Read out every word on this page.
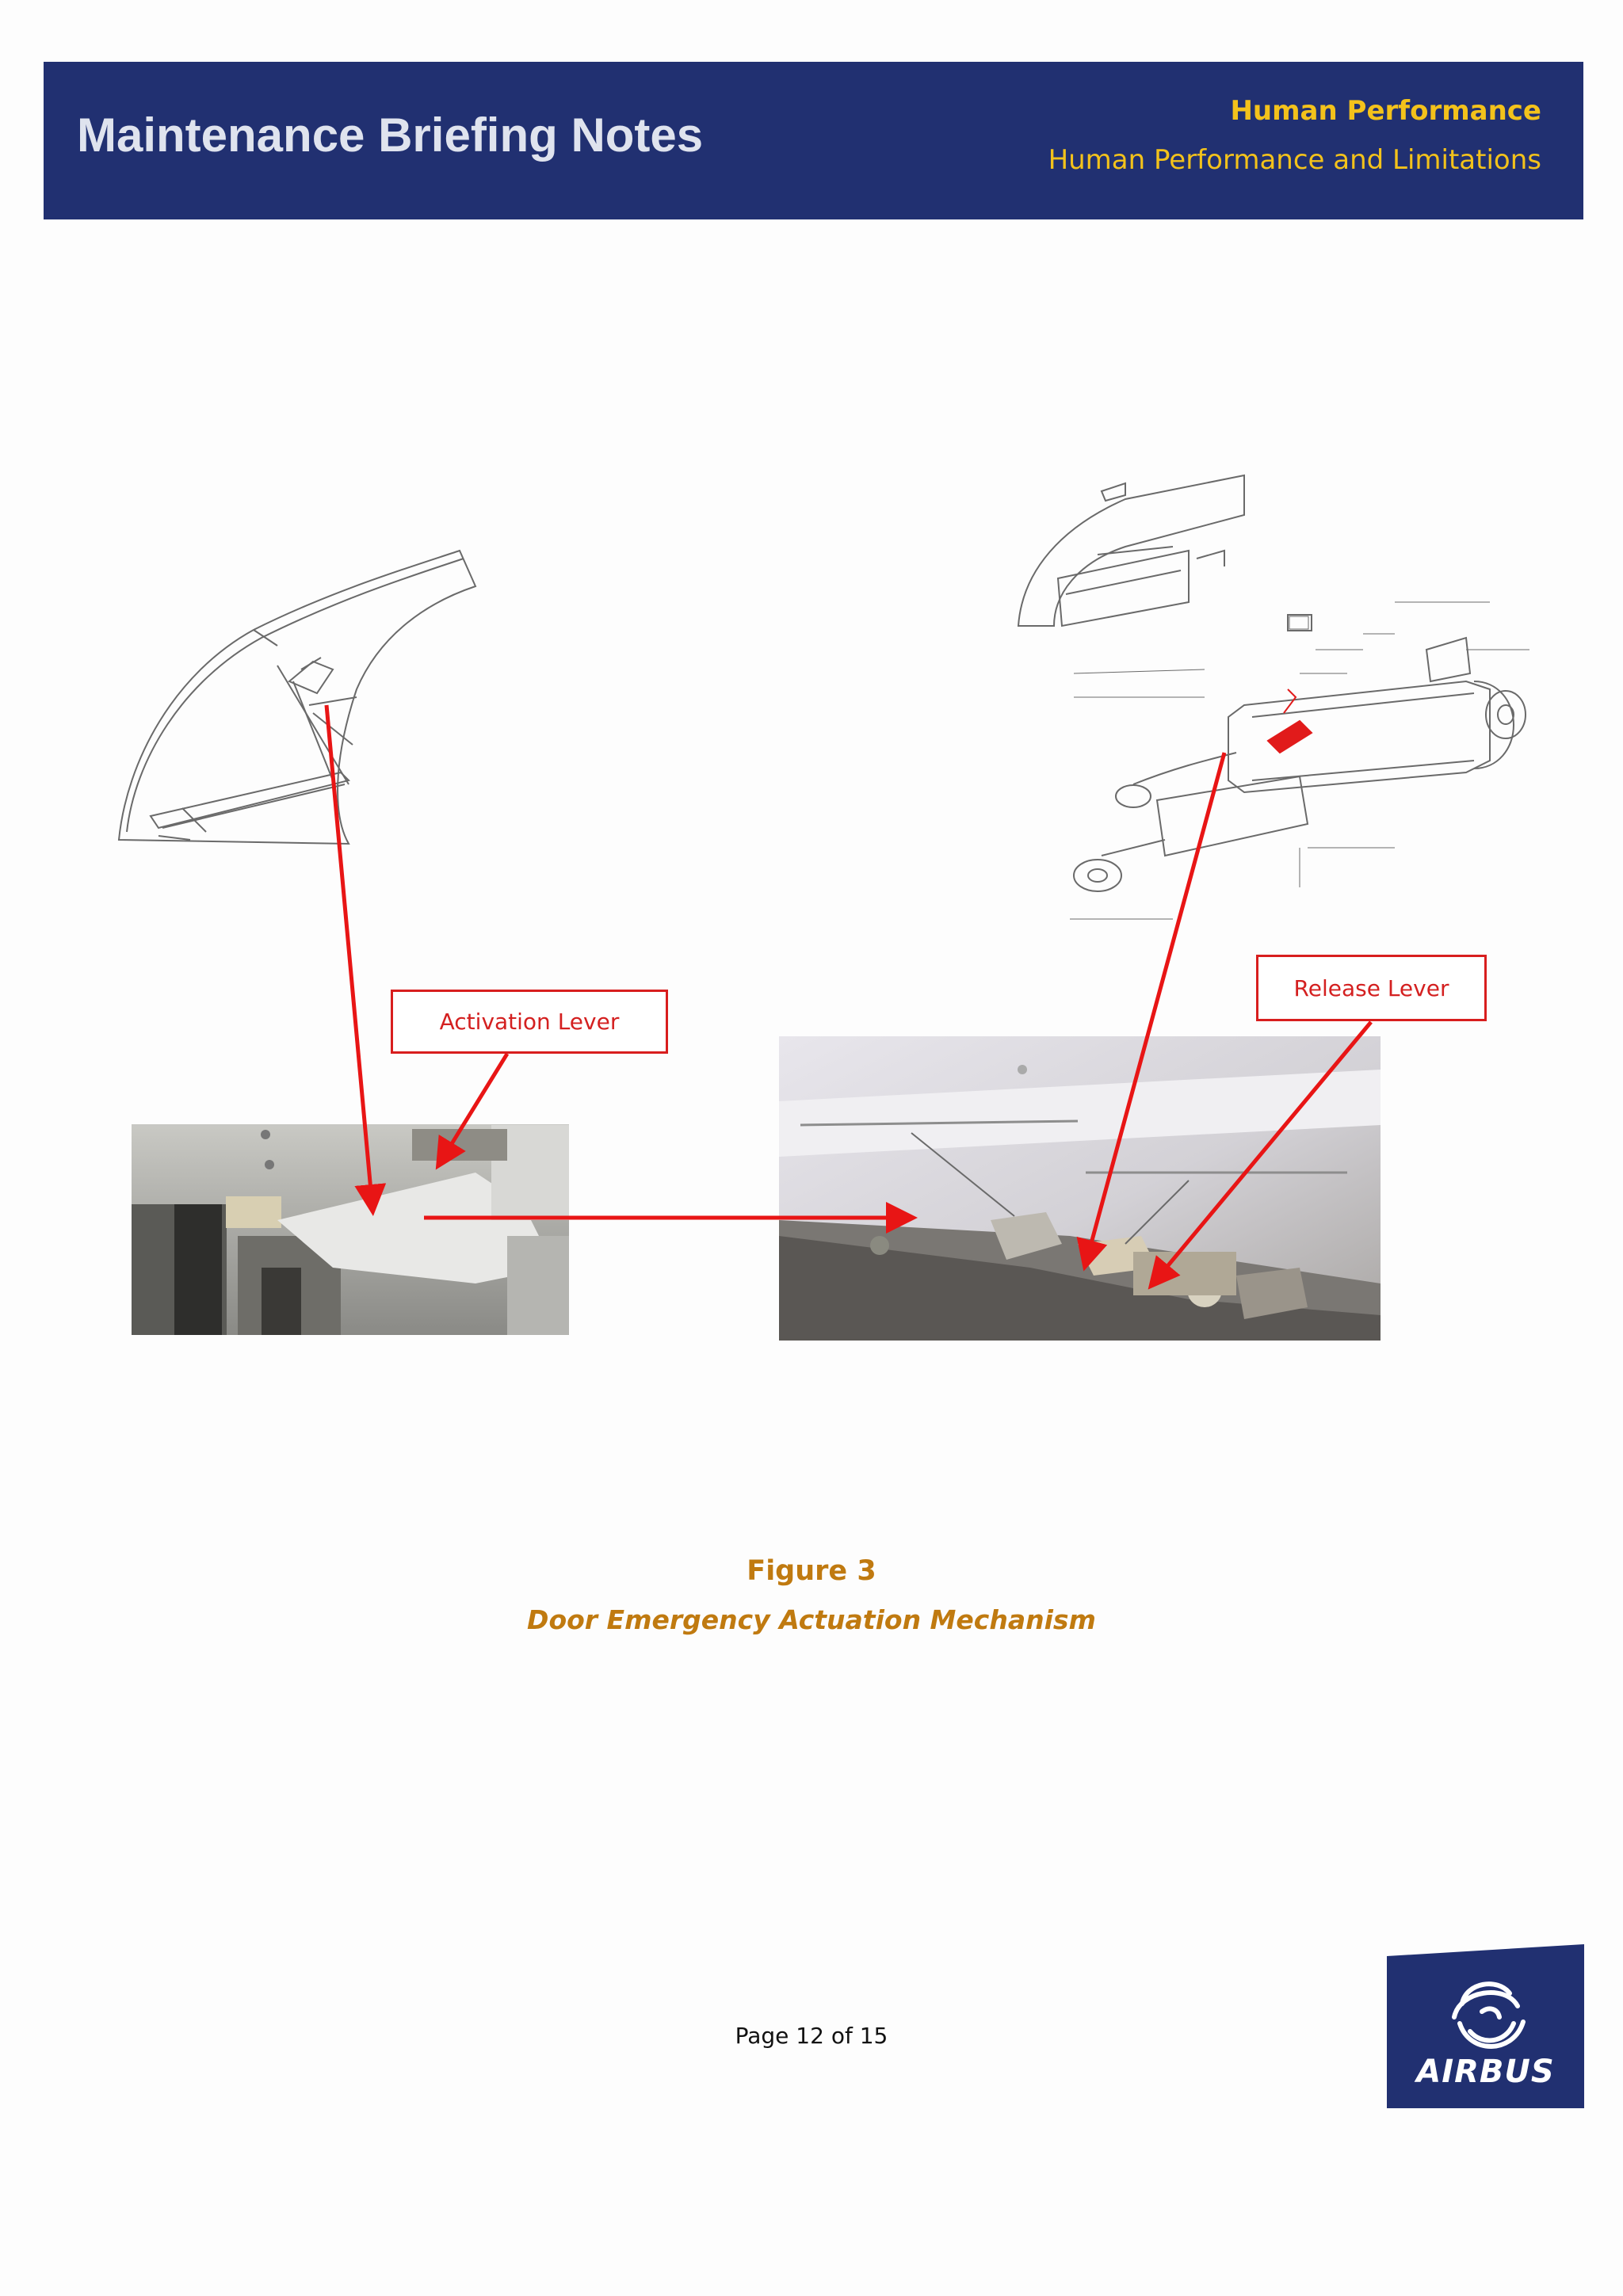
Maintenance Briefing Notes	Human Performance
Human Performance and Limitations
Activation Lever
Release Lever
Figure 3
Door Emergency Actuation Mechanism
Page 12 of 15
AIRBUS
